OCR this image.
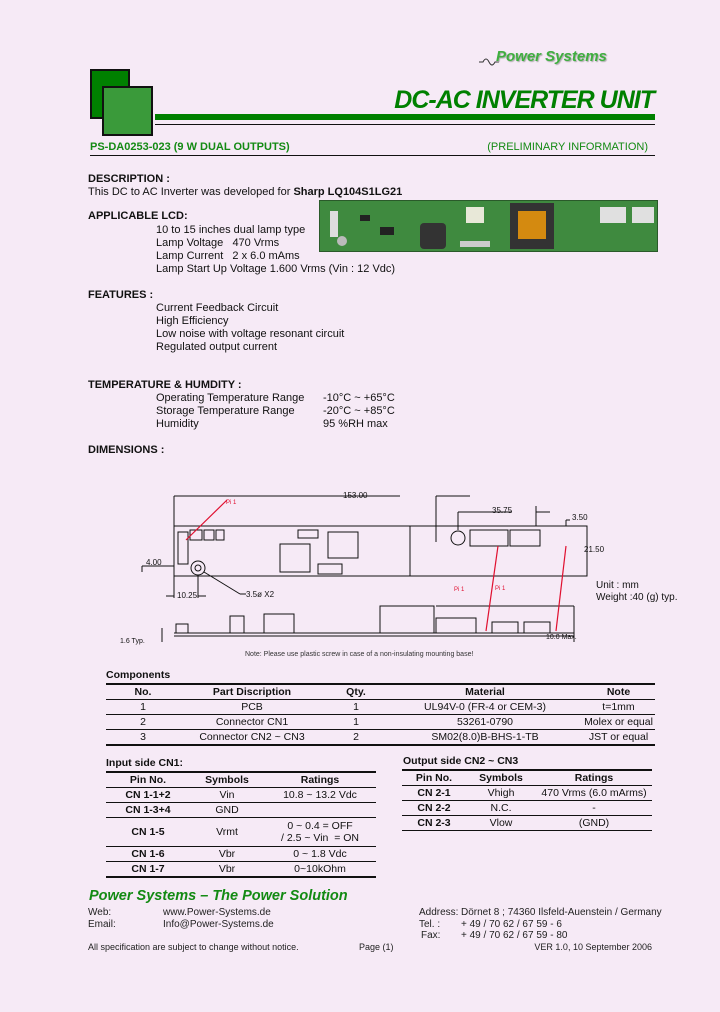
Power Systems
DC-AC INVERTER UNIT
PS-DA0253-023 (9 W DUAL OUTPUTS)	(PRELIMINARY INFORMATION)
DESCRIPTION :
This DC to AC Inverter was developed for Sharp LQ104S1LG21
APPLICABLE LCD:
10 to 15 inches dual lamp type
Lamp Voltage   470 Vrms
Lamp Current   2 x 6.0 mAms
Lamp Start Up Voltage 1.600 Vrms (Vin : 12 Vdc)
FEATURES :
Current Feedback Circuit
High Efficiency
Low noise with voltage resonant circuit
Regulated output current
TEMPERATURE & HUMDITY :
Operating Temperature Range -10°C ~ +65°C
Storage Temperature Range	-20°C ~ +85°C
Humidity	95 %RH max
DIMENSIONS :
153.00
35.75
3.50
21.50
4.00
10.25	3.5ø X2
1.6 Typ.
10.0 Max.
Pi 1
Pi 1	Pi 1	Unit : mm
Weight :40 (g) typ.
Note: Please use plastic screw in case of a non-insulating mounting base!
Components
No.	Part Discription	Qty.	Material	Note
1	PCB	1	UL94V-0 (FR-4 or CEM-3)	t=1mm
2	Connector CN1	1	53261-0790	Molex or equal
3	Connector CN2 ~ CN3	2	SM02(8.0)B-BHS-1-TB	JST or equal
Input side CN1:
Pin No.	Symbols	Ratings
CN 1-1+2	Vin	10.8 ~ 13.2 Vdc
CN 1-3+4	GND	
CN 1-5	Vrmt	0 ~ 0.4 = OFF
/ 2.5 ~ Vin  = ON

CN 1-6	Vbr	0 ~ 1.8 Vdc
CN 1-7	Vbr	0~10kOhm
Output side CN2 ~ CN3
Pin No.	Symbols	Ratings
CN 2-1	Vhigh	470 Vrms (6.0 mArms)
CN 2-2	N.C.	-
CN 2-3	Vlow	(GND)
Power Systems – The Power Solution
Web:	www.Power-Systems.de
Email:	Info@Power-Systems.de
Address: Dörnet 8 ; 74360 Ilsfeld-Auenstein / Germany
Tel. : + 49 / 70 62 / 67 59 - 6
Fax: + 49 / 70 62 / 67 59 - 80
All specification are subject to change without notice.	Page (1)	VER 1.0, 10 September 2006
